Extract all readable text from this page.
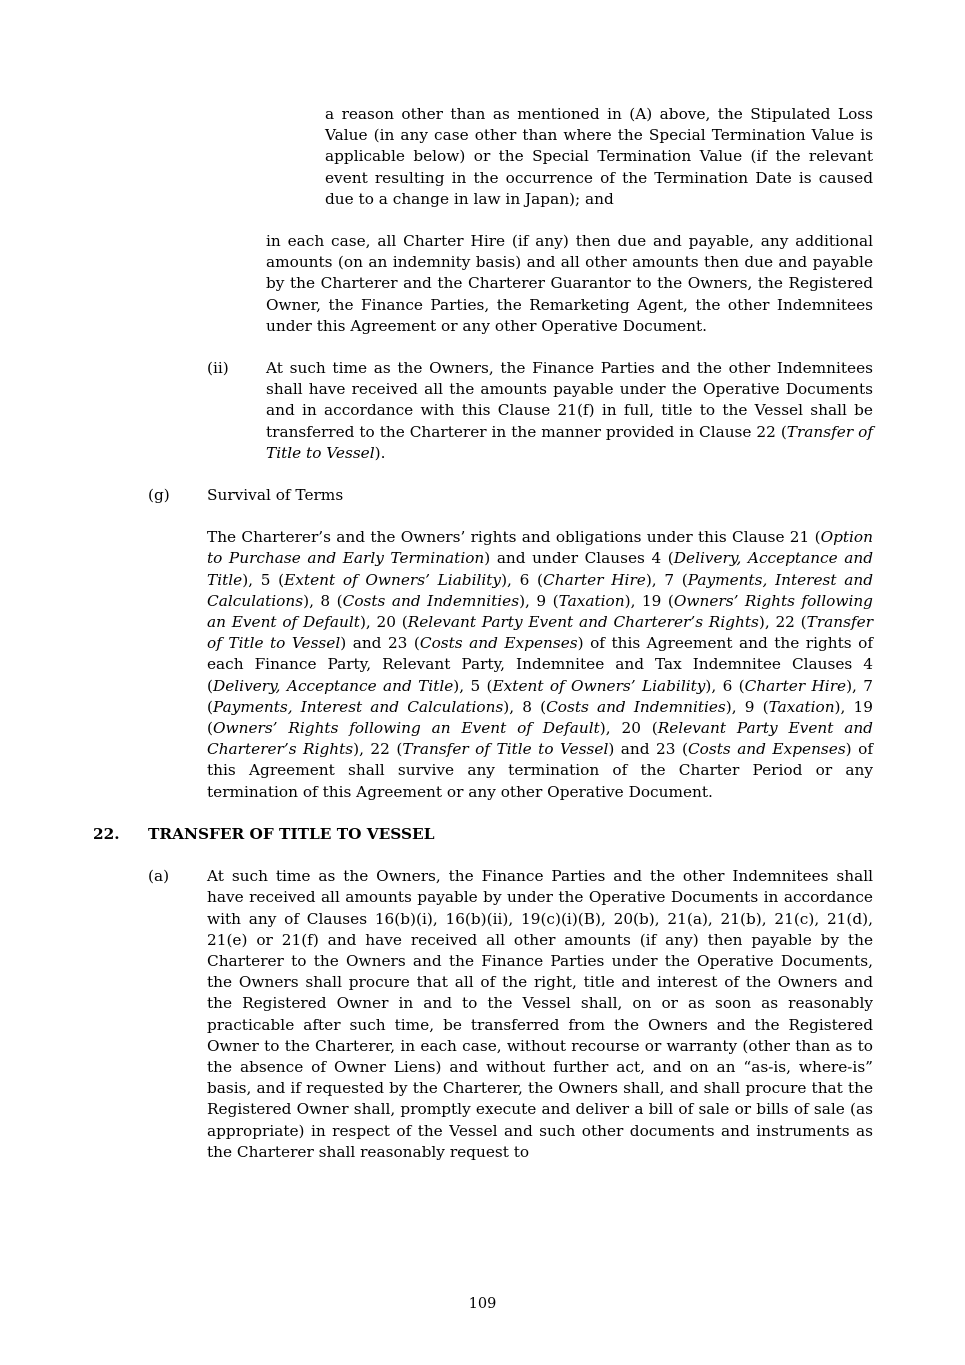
a reason other than as mentioned in (A) above, the Stipulated Loss Value (in any case other than where the Special Termination Value is applicable below) or the Special Termination Value (if the relevant event resulting in the occurrence of the Termination Date is caused due to a change in law in Japan); and

in each case, all Charter Hire (if any) then due and payable, any additional amounts (on an indemnity basis) and all other amounts then due and payable by the Charterer and the Charterer Guarantor to the Owners, the Registered Owner, the Finance Parties, the Remarketing Agent, the other Indemnitees under this Agreement or any other Operative Document.

(ii)	At such time as the Owners, the Finance Parties and the other Indemnitees shall have received all the amounts payable under the Operative Documents and in accordance with this Clause 21(f) in full, title to the Vessel shall be transferred to the Charterer in the manner provided in Clause 22 (Transfer of Title to Vessel).

(g)	Survival of Terms

The Charterer’s and the Owners’ rights and obligations under this Clause 21 (Option to Purchase and Early Termination) and under Clauses 4 (Delivery, Acceptance and Title), 5 (Extent of Owners’ Liability), 6 (Charter Hire), 7 (Payments, Interest and Calculations), 8 (Costs and Indemnities), 9 (Taxation), 19 (Owners’ Rights following an Event of Default), 20 (Relevant Party Event and Charterer’s Rights), 22 (Transfer of Title to Vessel) and 23 (Costs and Expenses) of this Agreement and the rights of each Finance Party, Relevant Party, Indemnitee and Tax Indemnitee Clauses 4 (Delivery, Acceptance and Title), 5 (Extent of Owners’ Liability), 6 (Charter Hire), 7 (Payments, Interest and Calculations), 8 (Costs and Indemnities), 9 (Taxation), 19 (Owners’ Rights following an Event of Default), 20 (Relevant Party Event and Charterer’s Rights), 22 (Transfer of Title to Vessel) and 23 (Costs and Expenses) of this Agreement shall survive any termination of the Charter Period or any termination of this Agreement or any other Operative Document.

22.	TRANSFER OF TITLE TO VESSEL

(a)	At such time as the Owners, the Finance Parties and the other Indemnitees shall have received all amounts payable by under the Operative Documents in accordance with any of Clauses 16(b)(i), 16(b)(ii), 19(c)(i)(B), 20(b), 21(a), 21(b), 21(c), 21(d), 21(e) or 21(f) and have received all other amounts (if any) then payable by the Charterer to the Owners and the Finance Parties under the Operative Documents, the Owners shall procure that all of the right, title and interest of the Owners and the Registered Owner in and to the Vessel shall, on or as soon as reasonably practicable after such time, be transferred from the Owners and the Registered Owner to the Charterer, in each case, without recourse or warranty (other than as to the absence of Owner Liens) and without further act, and on an “as-is, where-is” basis, and if requested by the Charterer, the Owners shall, and shall procure that the Registered Owner shall, promptly execute and deliver a bill of sale or bills of sale (as appropriate) in respect of the Vessel and such other documents and instruments as the Charterer shall reasonably request to

109
